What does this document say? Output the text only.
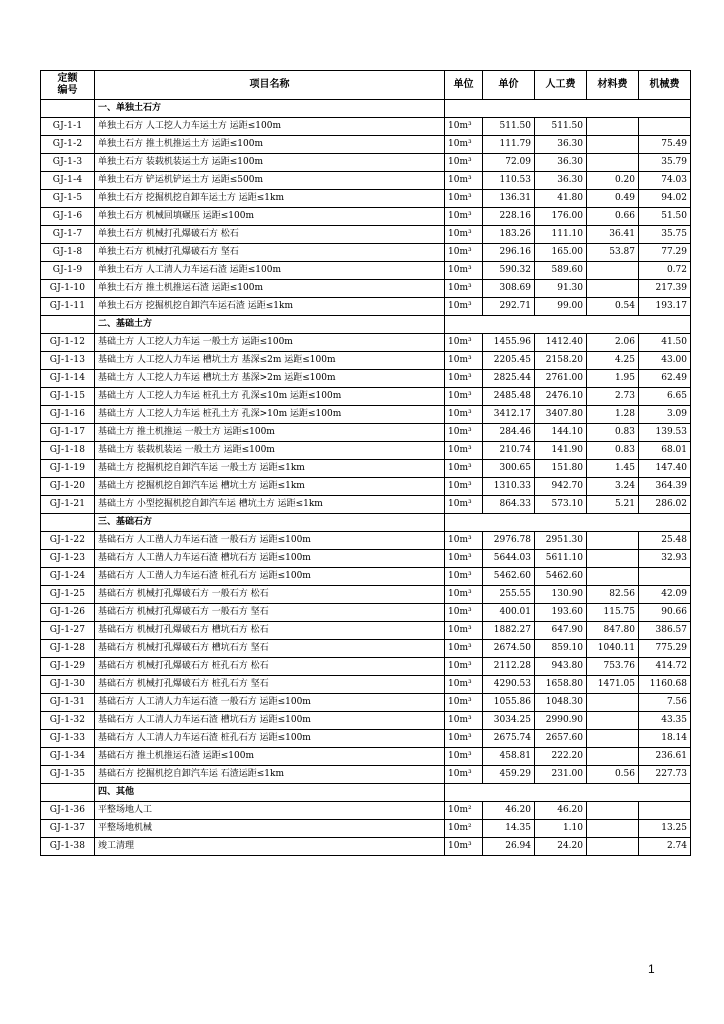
定额
编号	项目名称	单位	单价	人工费	材料费	机械费
	一、单独土石方					
GJ-1-1	单独土石方 人工挖人力车运土方 运距≤100m	10m³	511.50	511.50		
GJ-1-2	单独土石方 推土机推运土方 运距≤100m	10m³	111.79	36.30		75.49
GJ-1-3	单独土石方 装载机装运土方 运距≤100m	10m³	72.09	36.30		35.79
GJ-1-4	单独土石方 铲运机铲运土方 运距≤500m	10m³	110.53	36.30	0.20	74.03
GJ-1-5	单独土石方 挖掘机挖自卸车运土方 运距≤1km	10m³	136.31	41.80	0.49	94.02
GJ-1-6	单独土石方 机械回填碾压 运距≤100m	10m³	228.16	176.00	0.66	51.50
GJ-1-7	单独土石方 机械打孔爆破石方 松石	10m³	183.26	111.10	36.41	35.75
GJ-1-8	单独土石方 机械打孔爆破石方 坚石	10m³	296.16	165.00	53.87	77.29
GJ-1-9	单独土石方 人工清人力车运石渣 运距≤100m	10m³	590.32	589.60		0.72
GJ-1-10	单独土石方 推土机推运石渣 运距≤100m	10m³	308.69	91.30		217.39
GJ-1-11	单独土石方 挖掘机挖自卸汽车运石渣 运距≤1km	10m³	292.71	99.00	0.54	193.17
	二、基础土方					
GJ-1-12	基础土方 人工挖人力车运 一般土方 运距≤100m	10m³	1455.96	1412.40	2.06	41.50
GJ-1-13	基础土方 人工挖人力车运 槽坑土方 基深≤2m 运距≤100m	10m³	2205.45	2158.20	4.25	43.00
GJ-1-14	基础土方 人工挖人力车运 槽坑土方 基深>2m 运距≤100m	10m³	2825.44	2761.00	1.95	62.49
GJ-1-15	基础土方 人工挖人力车运 桩孔土方 孔深≤10m 运距≤100m	10m³	2485.48	2476.10	2.73	6.65
GJ-1-16	基础土方 人工挖人力车运 桩孔土方 孔深>10m 运距≤100m	10m³	3412.17	3407.80	1.28	3.09
GJ-1-17	基础土方 推土机推运 一般土方 运距≤100m	10m³	284.46	144.10	0.83	139.53
GJ-1-18	基础土方 装载机装运 一般土方 运距≤100m	10m³	210.74	141.90	0.83	68.01
GJ-1-19	基础土方 挖掘机挖自卸汽车运 一般土方 运距≤1km	10m³	300.65	151.80	1.45	147.40
GJ-1-20	基础土方 挖掘机挖自卸汽车运 槽坑土方 运距≤1km	10m³	1310.33	942.70	3.24	364.39
GJ-1-21	基础土方 小型挖掘机挖自卸汽车运 槽坑土方 运距≤1km	10m³	864.33	573.10	5.21	286.02
	三、基础石方					
GJ-1-22	基础石方 人工凿人力车运石渣 一般石方 运距≤100m	10m³	2976.78	2951.30		25.48
GJ-1-23	基础石方 人工凿人力车运石渣 槽坑石方 运距≤100m	10m³	5644.03	5611.10		32.93
GJ-1-24	基础石方 人工凿人力车运石渣 桩孔石方 运距≤100m	10m³	5462.60	5462.60		
GJ-1-25	基础石方 机械打孔爆破石方 一般石方 松石	10m³	255.55	130.90	82.56	42.09
GJ-1-26	基础石方 机械打孔爆破石方 一般石方 坚石	10m³	400.01	193.60	115.75	90.66
GJ-1-27	基础石方 机械打孔爆破石方 槽坑石方 松石	10m³	1882.27	647.90	847.80	386.57
GJ-1-28	基础石方 机械打孔爆破石方 槽坑石方 坚石	10m³	2674.50	859.10	1040.11	775.29
GJ-1-29	基础石方 机械打孔爆破石方 桩孔石方 松石	10m³	2112.28	943.80	753.76	414.72
GJ-1-30	基础石方 机械打孔爆破石方 桩孔石方 坚石	10m³	4290.53	1658.80	1471.05	1160.68
GJ-1-31	基础石方 人工清人力车运石渣 一般石方 运距≤100m	10m³	1055.86	1048.30		7.56
GJ-1-32	基础石方 人工清人力车运石渣 槽坑石方 运距≤100m	10m³	3034.25	2990.90		43.35
GJ-1-33	基础石方 人工清人力车运石渣 桩孔石方 运距≤100m	10m³	2675.74	2657.60		18.14
GJ-1-34	基础石方 推土机推运石渣 运距≤100m	10m³	458.81	222.20		236.61
GJ-1-35	基础石方 挖掘机挖自卸汽车运 石渣运距≤1km	10m³	459.29	231.00	0.56	227.73
	四、其他					
GJ-1-36	平整场地人工	10m²	46.20	46.20		
GJ-1-37	平整场地机械	10m²	14.35	1.10		13.25
GJ-1-38	竣工清理	10m³	26.94	24.20		2.74
1
